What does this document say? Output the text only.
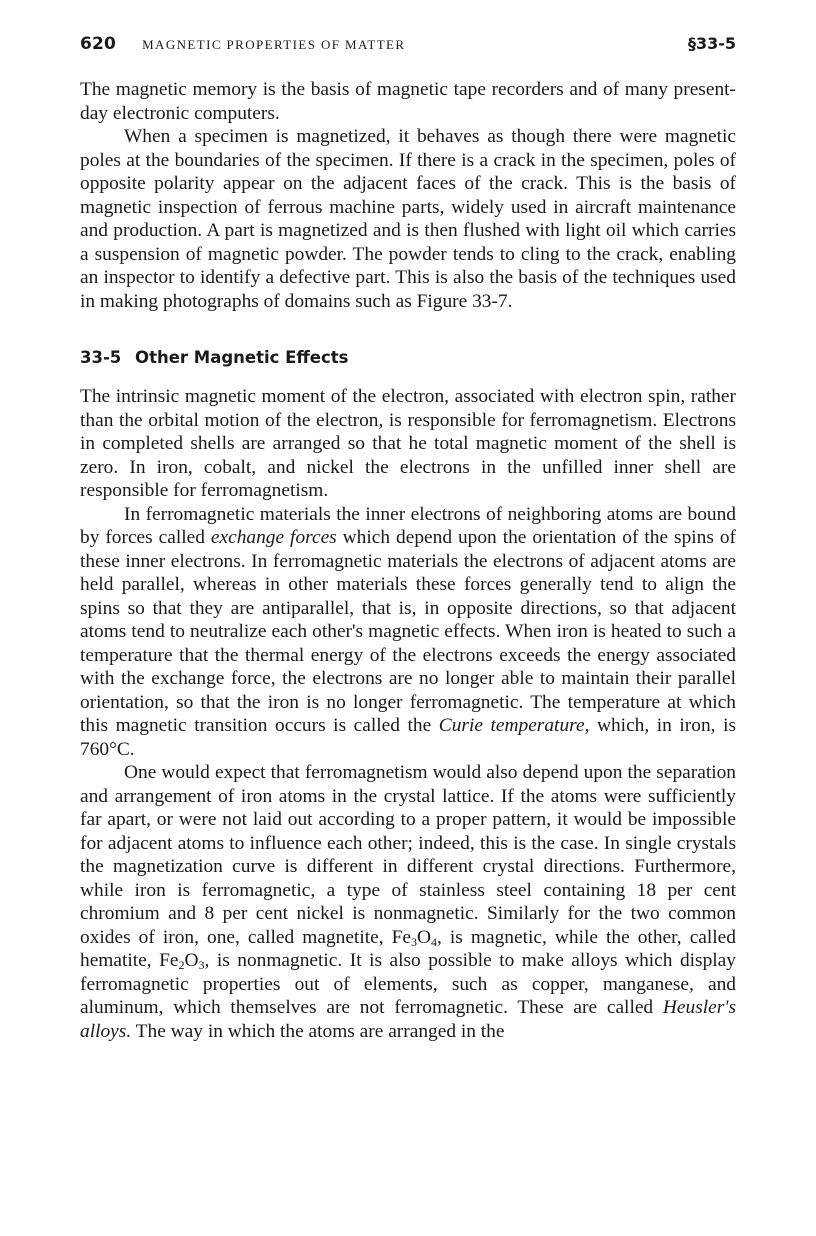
620	MAGNETIC PROPERTIES OF MATTER	§33-5

The magnetic memory is the basis of magnetic tape recorders and of many present-day electronic computers.

When a specimen is magnetized, it behaves as though there were magnetic poles at the boundaries of the specimen. If there is a crack in the specimen, poles of opposite polarity appear on the adjacent faces of the crack. This is the basis of magnetic inspection of ferrous machine parts, widely used in aircraft maintenance and production. A part is magnetized and is then flushed with light oil which carries a suspension of magnetic powder. The powder tends to cling to the crack, enabling an inspector to identify a defective part. This is also the basis of the techniques used in making photographs of domains such as Figure 33-7.

33-5 Other Magnetic Effects

The intrinsic magnetic moment of the electron, associated with electron spin, rather than the orbital motion of the electron, is responsible for ferromagnetism. Electrons in completed shells are arranged so that he total magnetic moment of the shell is zero. In iron, cobalt, and nickel the electrons in the unfilled inner shell are responsible for ferromagnetism.

In ferromagnetic materials the inner electrons of neighboring atoms are bound by forces called exchange forces which depend upon the orientation of the spins of these inner electrons. In ferromagnetic materials the electrons of adjacent atoms are held parallel, whereas in other materials these forces generally tend to align the spins so that they are antiparallel, that is, in opposite directions, so that adjacent atoms tend to neutralize each other's magnetic effects. When iron is heated to such a temperature that the thermal energy of the electrons exceeds the energy associated with the exchange force, the electrons are no longer able to maintain their parallel orientation, so that the iron is no longer ferromagnetic. The temperature at which this magnetic transition occurs is called the Curie temperature, which, in iron, is 760°C.

One would expect that ferromagnetism would also depend upon the separation and arrangement of iron atoms in the crystal lattice. If the atoms were sufficiently far apart, or were not laid out according to a proper pattern, it would be impossible for adjacent atoms to influence each other; indeed, this is the case. In single crystals the magnetization curve is different in different crystal directions. Furthermore, while iron is ferromagnetic, a type of stainless steel containing 18 per cent chromium and 8 per cent nickel is nonmagnetic. Similarly for the two common oxides of iron, one, called magnetite, $Fe_3O_4$, is magnetic, while the other, called hematite, $Fe_2O_3$, is nonmagnetic. It is also possible to make alloys which display ferromagnetic properties out of elements, such as copper, manganese, and aluminum, which themselves are not ferromagnetic. These are called Heusler's alloys. The way in which the atoms are arranged in the
